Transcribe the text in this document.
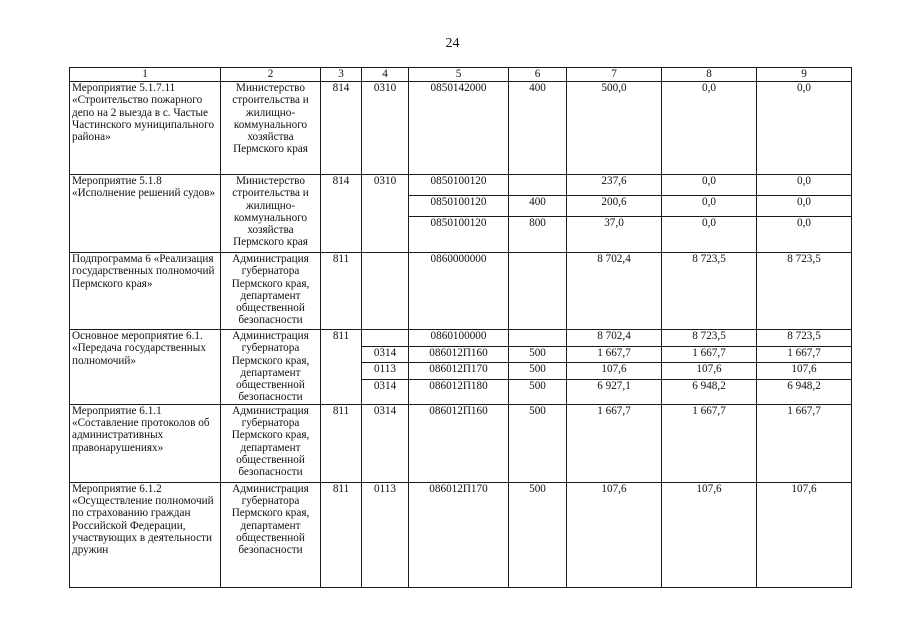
24
1	2	3	4	5	6	7	8	9
Мероприятие 5.1.7.11 «Строительство пожарного депо на 2 выезда в с. Частые Частинского муниципального района»	Министерство строительства и жилищно-коммунального хозяйства Пермского края	814	0310	0850142000	400	500,0	0,0	0,0
Мероприятие 5.1.8 «Исполнение решений судов»	Министерство строительства и жилищно-коммунального хозяйства Пермского края	814	0310	0850100120		237,6	0,0	0,0
				0850100120	400	200,6	0,0	0,0
				0850100120	800	37,0	0,0	0,0
Подпрограмма 6 «Реализация государственных полномочий Пермского края»	Администрация губернатора Пермского края, департамент общественной безопасности	811		0860000000		8 702,4	8 723,5	8 723,5
Основное мероприятие 6.1. «Передача государственных полномочий»	Администрация губернатора Пермского края, департамент общественной безопасности	811		0860100000		8 702,4	8 723,5	8 723,5
			0314	086012П160	500	1 667,7	1 667,7	1 667,7
			0113	086012П170	500	107,6	107,6	107,6
			0314	086012П180	500	6 927,1	6 948,2	6 948,2
Мероприятие 6.1.1 «Составление протоколов об административных правонарушениях»	Администрация губернатора Пермского края, департамент общественной безопасности	811	0314	086012П160	500	1 667,7	1 667,7	1 667,7
Мероприятие 6.1.2 «Осуществление полномочий по страхованию граждан Российской Федерации, участвующих в деятельности дружин	Администрация губернатора Пермского края, департамент общественной безопасности	811	0113	086012П170	500	107,6	107,6	107,6
